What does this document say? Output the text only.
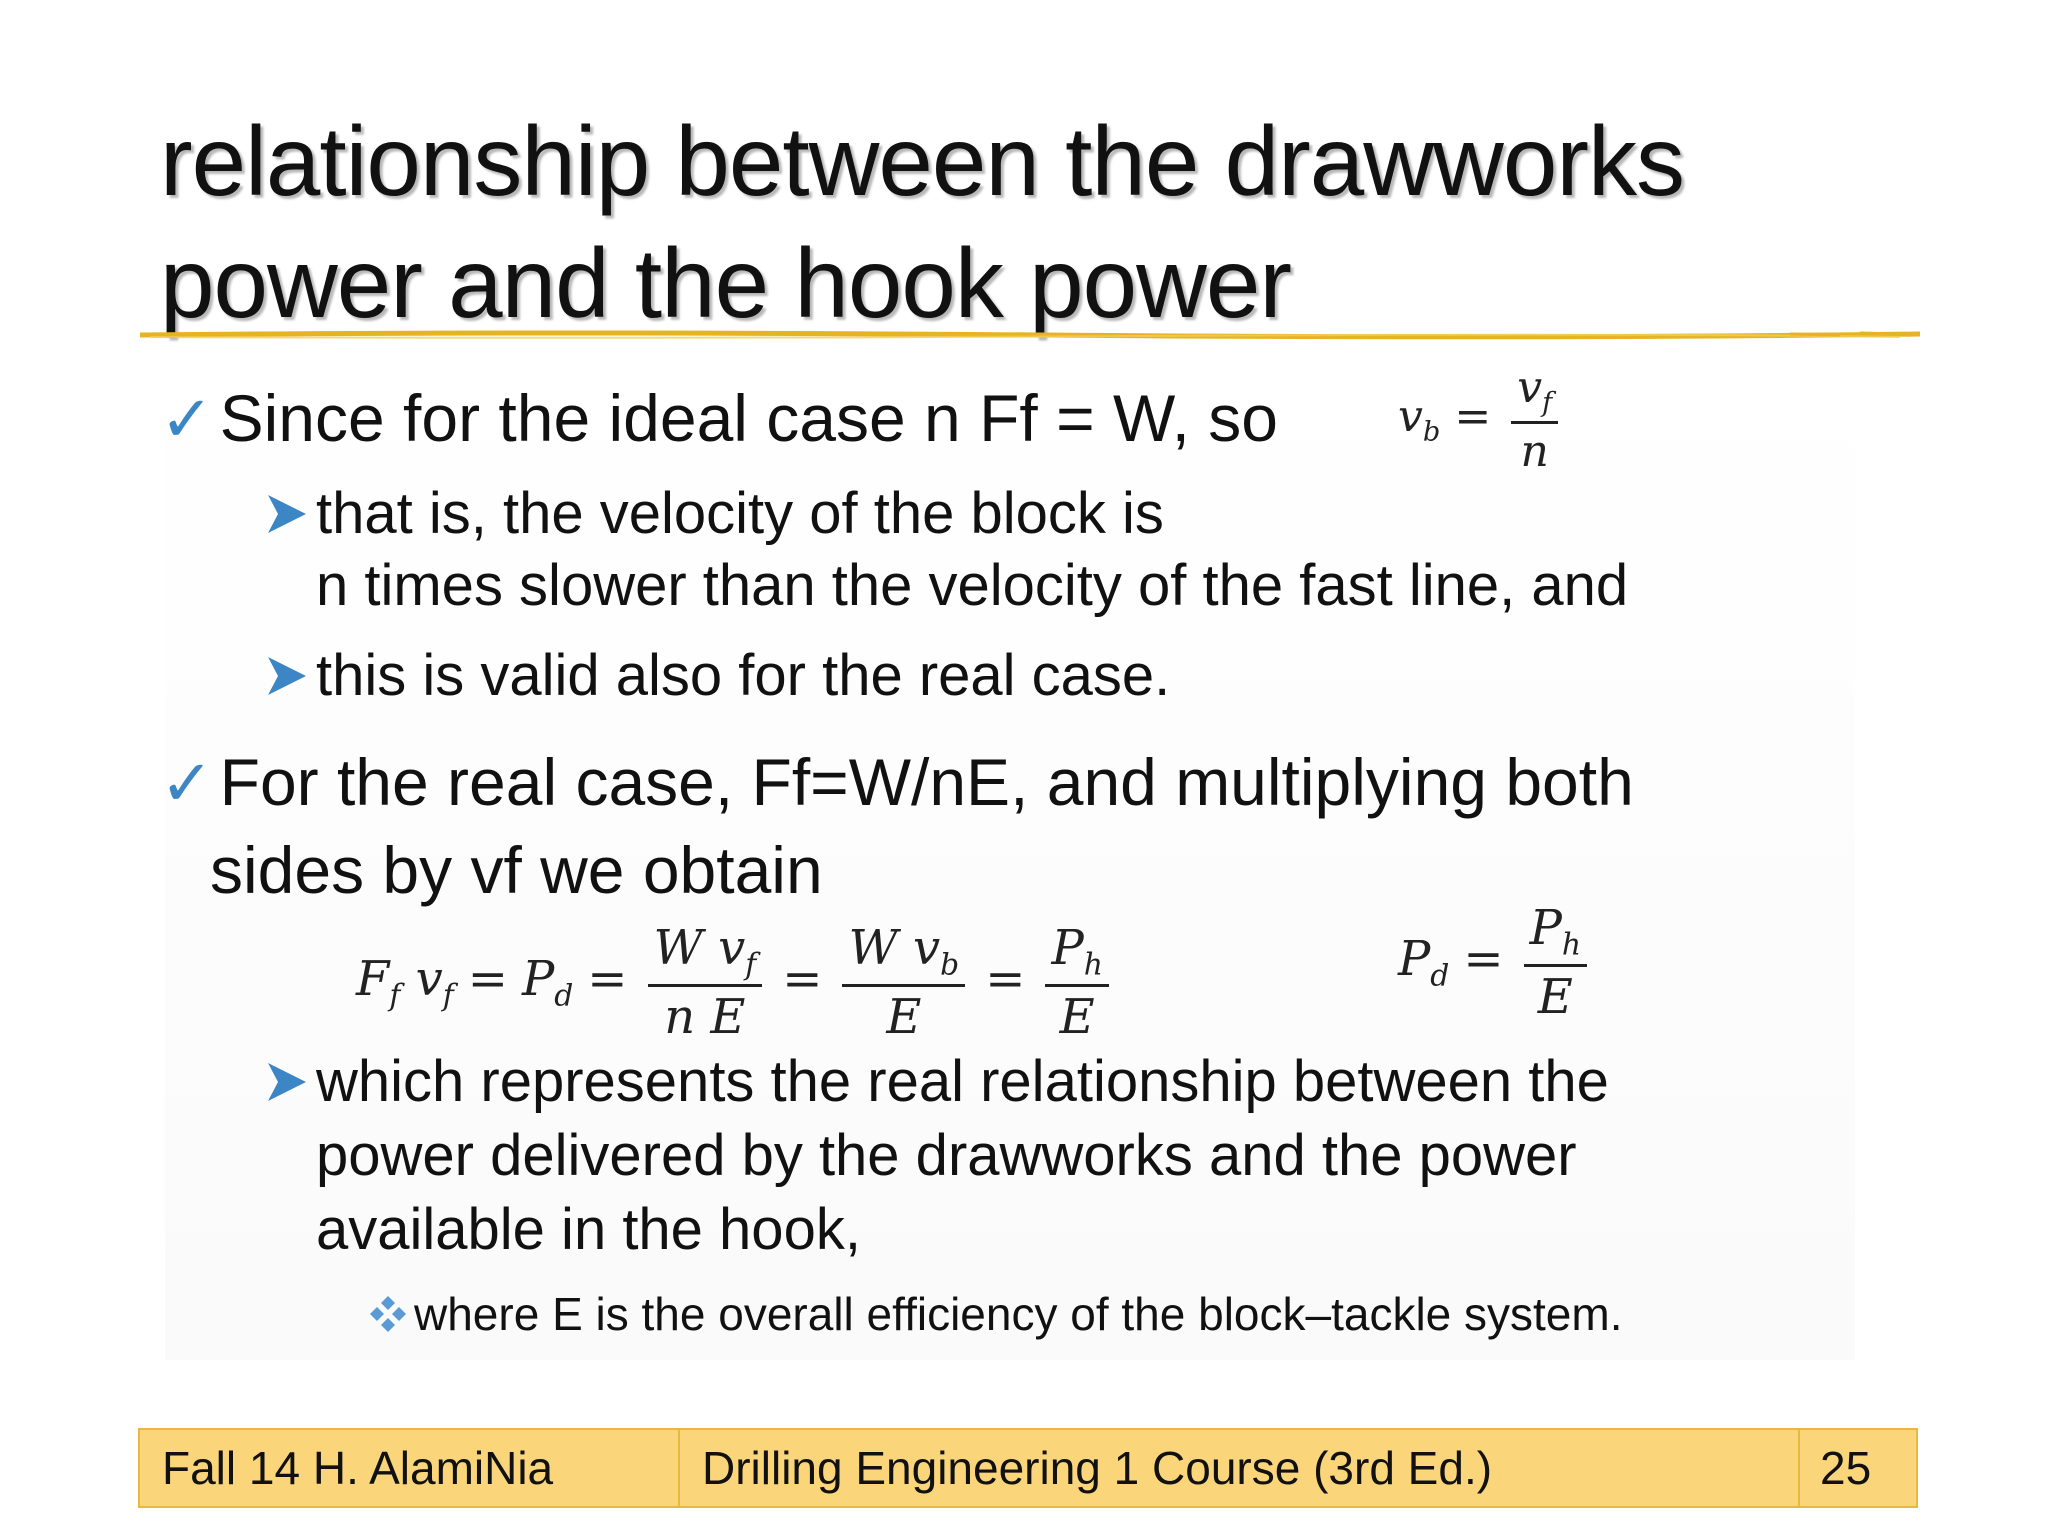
relationship between the drawworks
power and the hook power
✓Since for the ideal case n Ff = W, so	$v_b = \frac{v_f}{n}$
that is, the velocity of the block is
n times slower than the velocity of the fast line, and
this is valid also for the real case.
✓For the real case, Ff=W/nE, and multiplying both
sides by vf we obtain
$F_f$ $v_f = P_d = \frac{W v_f}{\text{n E}} = \frac{W v_b}{E} = \frac{P_h}{E}$	$P_d = \frac{P_h}{E}$
which represents the real relationship between the
power delivered by the drawworks and the power
available in the hook,
where E is the overall efficiency of the block–tackle system.
Fall 14 H. AlamiNia	Drilling Engineering 1 Course (3rd Ed.)	25
